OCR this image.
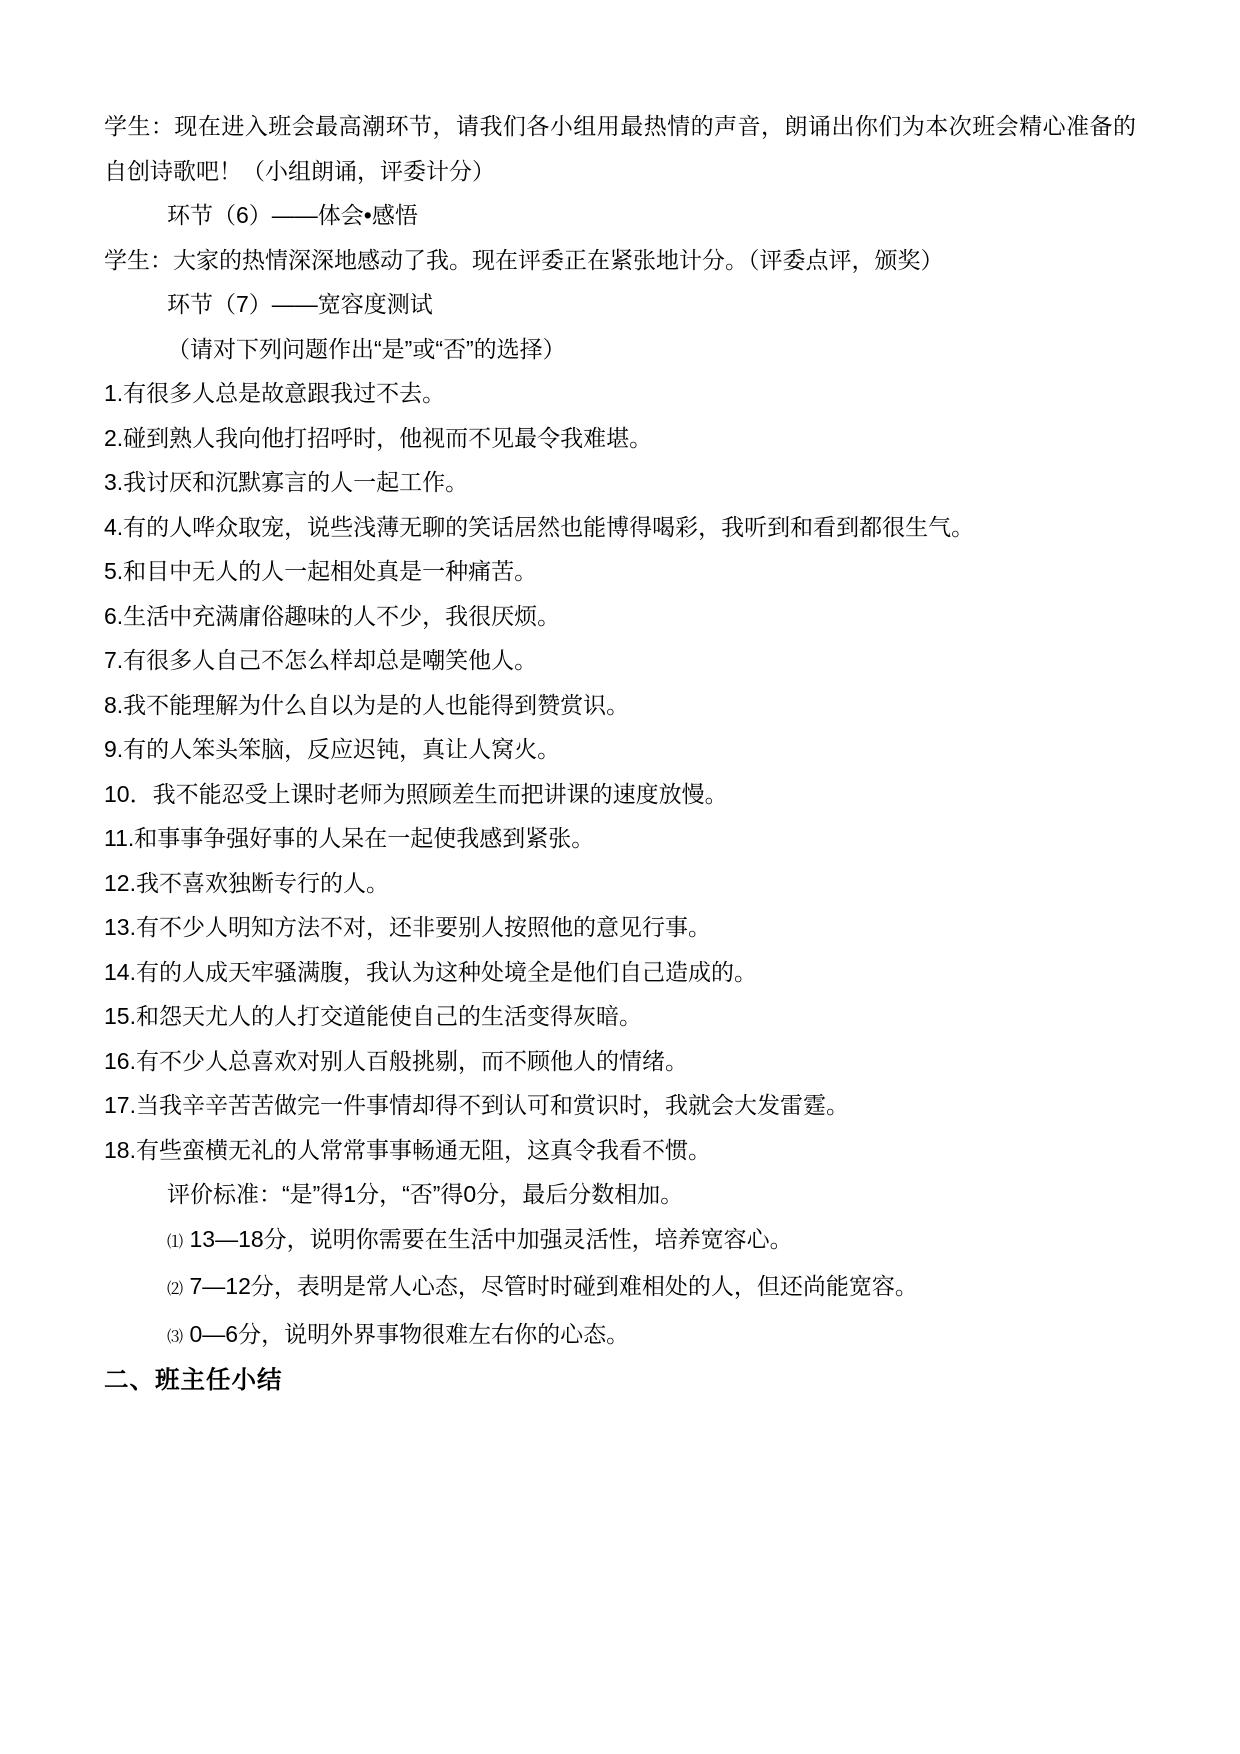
学生：现在进入班会最高潮环节，请我们各小组用最热情的声音，朗诵出你们为本次班会精心准备的自创诗歌吧！（小组朗诵，评委计分）

环节（6）——体会•感悟

学生：大家的热情深深地感动了我。现在评委正在紧张地计分。（评委点评，颁奖）

环节（7）——宽容度测试

（请对下列问题作出“是”或“否”的选择）

1.有很多人总是故意跟我过不去。

2.碰到熟人我向他打招呼时，他视而不见最令我难堪。

3.我讨厌和沉默寡言的人一起工作。

4.有的人哗众取宠，说些浅薄无聊的笑话居然也能博得喝彩，我听到和看到都很生气。

5.和目中无人的人一起相处真是一种痛苦。

6.生活中充满庸俗趣味的人不少，我很厌烦。

7.有很多人自己不怎么样却总是嘲笑他人。

8.我不能理解为什么自以为是的人也能得到赞赏识。

9.有的人笨头笨脑，反应迟钝，真让人窝火。

10．我不能忍受上课时老师为照顾差生而把讲课的速度放慢。

11.和事事争强好事的人呆在一起使我感到紧张。

12.我不喜欢独断专行的人。

13.有不少人明知方法不对，还非要别人按照他的意见行事。

14.有的人成天牢骚满腹，我认为这种处境全是他们自己造成的。

15.和怨天尤人的人打交道能使自己的生活变得灰暗。

16.有不少人总喜欢对别人百般挑剔，而不顾他人的情绪。

17.当我辛辛苦苦做完一件事情却得不到认可和赏识时，我就会大发雷霆。

18.有些蛮横无礼的人常常事事畅通无阻，这真令我看不惯。

评价标准：“是”得1分，“否”得0分，最后分数相加。

⑴ 13—18分，说明你需要在生活中加强灵活性，培养宽容心。

⑵ 7—12分，表明是常人心态，尽管时时碰到难相处的人，但还尚能宽容。

⑶ 0—6分，说明外界事物很难左右你的心态。

二、班主任小结
